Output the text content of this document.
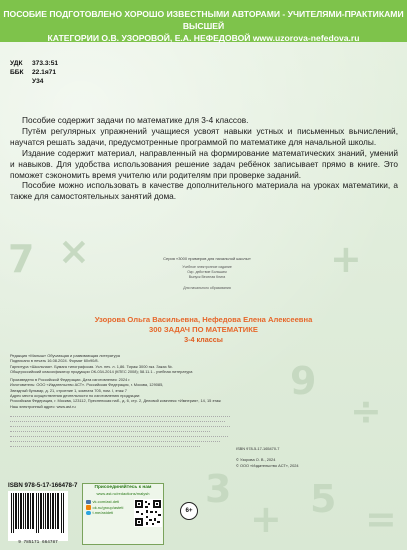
7 ×	+
9
÷
3
+ 5 =
ПОСОБИЕ ПОДГОТОВЛЕНО ХОРОШО ИЗВЕСТНЫМИ АВТОРАМИ - УЧИТЕЛЯМИ-ПРАКТИКАМИ ВЫСШЕЙ
КАТЕГОРИИ О.В. УЗОРОВОЙ, Е.А. НЕФЕДОВОЙ www.uzorova-nefedova.ru
УДК	373.3:51
ББК	22.1я71
У34

Пособие содержит задачи по математике для 3-4 классов.

Путём регулярных упражнений учащиеся усвоят навыки устных и письменных вычислений, научатся решать задачи, предусмотренные программой по математике для начальной школы.

Издание содержит материал, направленный на формирование математических знаний, умений и навыков. Для удобства использования решение задач ребёнок записывает прямо в книге. Это поможет сэкономить время учителю или родителям при проверке заданий.

Пособие можно использовать в качестве дополнительного материала на уроках математики, а также для самостоятельных занятий дома.

Серия «3000 примеров для начальной школы»
Учебное электронное издание
Окр. действие Большим
Выпуск Веселая Книга
Для начального образования
Узорова Ольга Васильевна, Нефедова Елена Алексеевна
300 ЗАДАЧ ПО МАТЕМАТИКЕ
3-4 классы
Редакция «Малыш» Обучающая и развивающая литература
Подписано в печать 16.08.2024. Формат 60х90/8.
Гарнитура «Школьная». Бумага типографская. Усл. печ. л. 1,86. Тираж 3000 экз. Заказ №.
Общероссийский классификатор продукции ОК-034-2014 (КПЕС 2008); 58.11.1 - учебная литература
Произведено в Российской Федерации. Дата изготовления: 2024 г.
Изготовитель: ООО «Издательство АСТ». Российская Федерация, г. Москва, 129085,
Звездный бульвар, д. 21, строение 1, комната 705, пом. I, этаж 7
Адрес места осуществления деятельности по изготовлению продукции:
Российская Федерация, г. Москва, 123112, Пресненская наб., д. 6, стр. 2, Деловой комплекс «Империя», 14, 15 этаж
Наш электронный адрес: www.ast.ru
ISBN 978-5-17-165470-7
© Узорова О. В., 2024
© ООО «Издательство АСТ», 2024
ISBN 978-5-17-166478-7
9 785171 664787
Присоединяйтесь к нам
www.ast.ru/redactions/malysh
vk.com/ast.deti
ok.ru/group/asteti
t.me/astdeti	6+
